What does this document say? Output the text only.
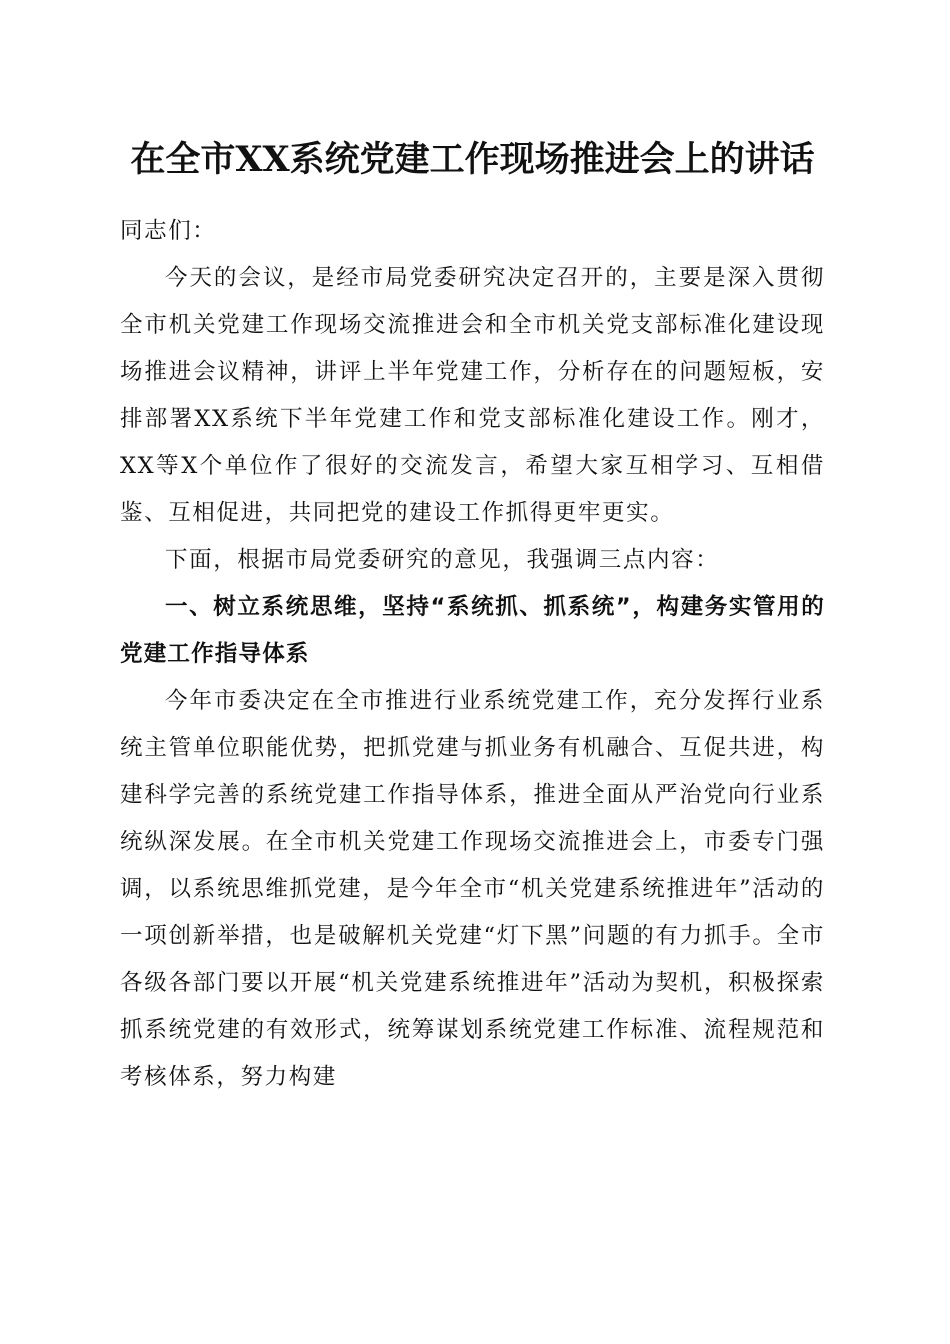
在全市XX系统党建工作现场推进会上的讲话

同志们：

今天的会议，是经市局党委研究决定召开的，主要是深入贯彻全市机关党建工作现场交流推进会和全市机关党支部标准化建设现场推进会议精神，讲评上半年党建工作，分析存在的问题短板，安排部署XX系统下半年党建工作和党支部标准化建设工作。刚才，XX等X个单位作了很好的交流发言，希望大家互相学习、互相借鉴、互相促进，共同把党的建设工作抓得更牢更实。

下面，根据市局党委研究的意见，我强调三点内容：

一、树立系统思维，坚持“系统抓、抓系统”，构建务实管用的党建工作指导体系

今年市委决定在全市推进行业系统党建工作，充分发挥行业系统主管单位职能优势，把抓党建与抓业务有机融合、互促共进，构建科学完善的系统党建工作指导体系，推进全面从严治党向行业系统纵深发展。在全市机关党建工作现场交流推进会上，市委专门强调，以系统思维抓党建，是今年全市“机关党建系统推进年”活动的一项创新举措，也是破解机关党建“灯下黑”问题的有力抓手。全市各级各部门要以开展“机关党建系统推进年”活动为契机，积极探索抓系统党建的有效形式，统筹谋划系统党建工作标准、流程规范和考核体系，努力构建
